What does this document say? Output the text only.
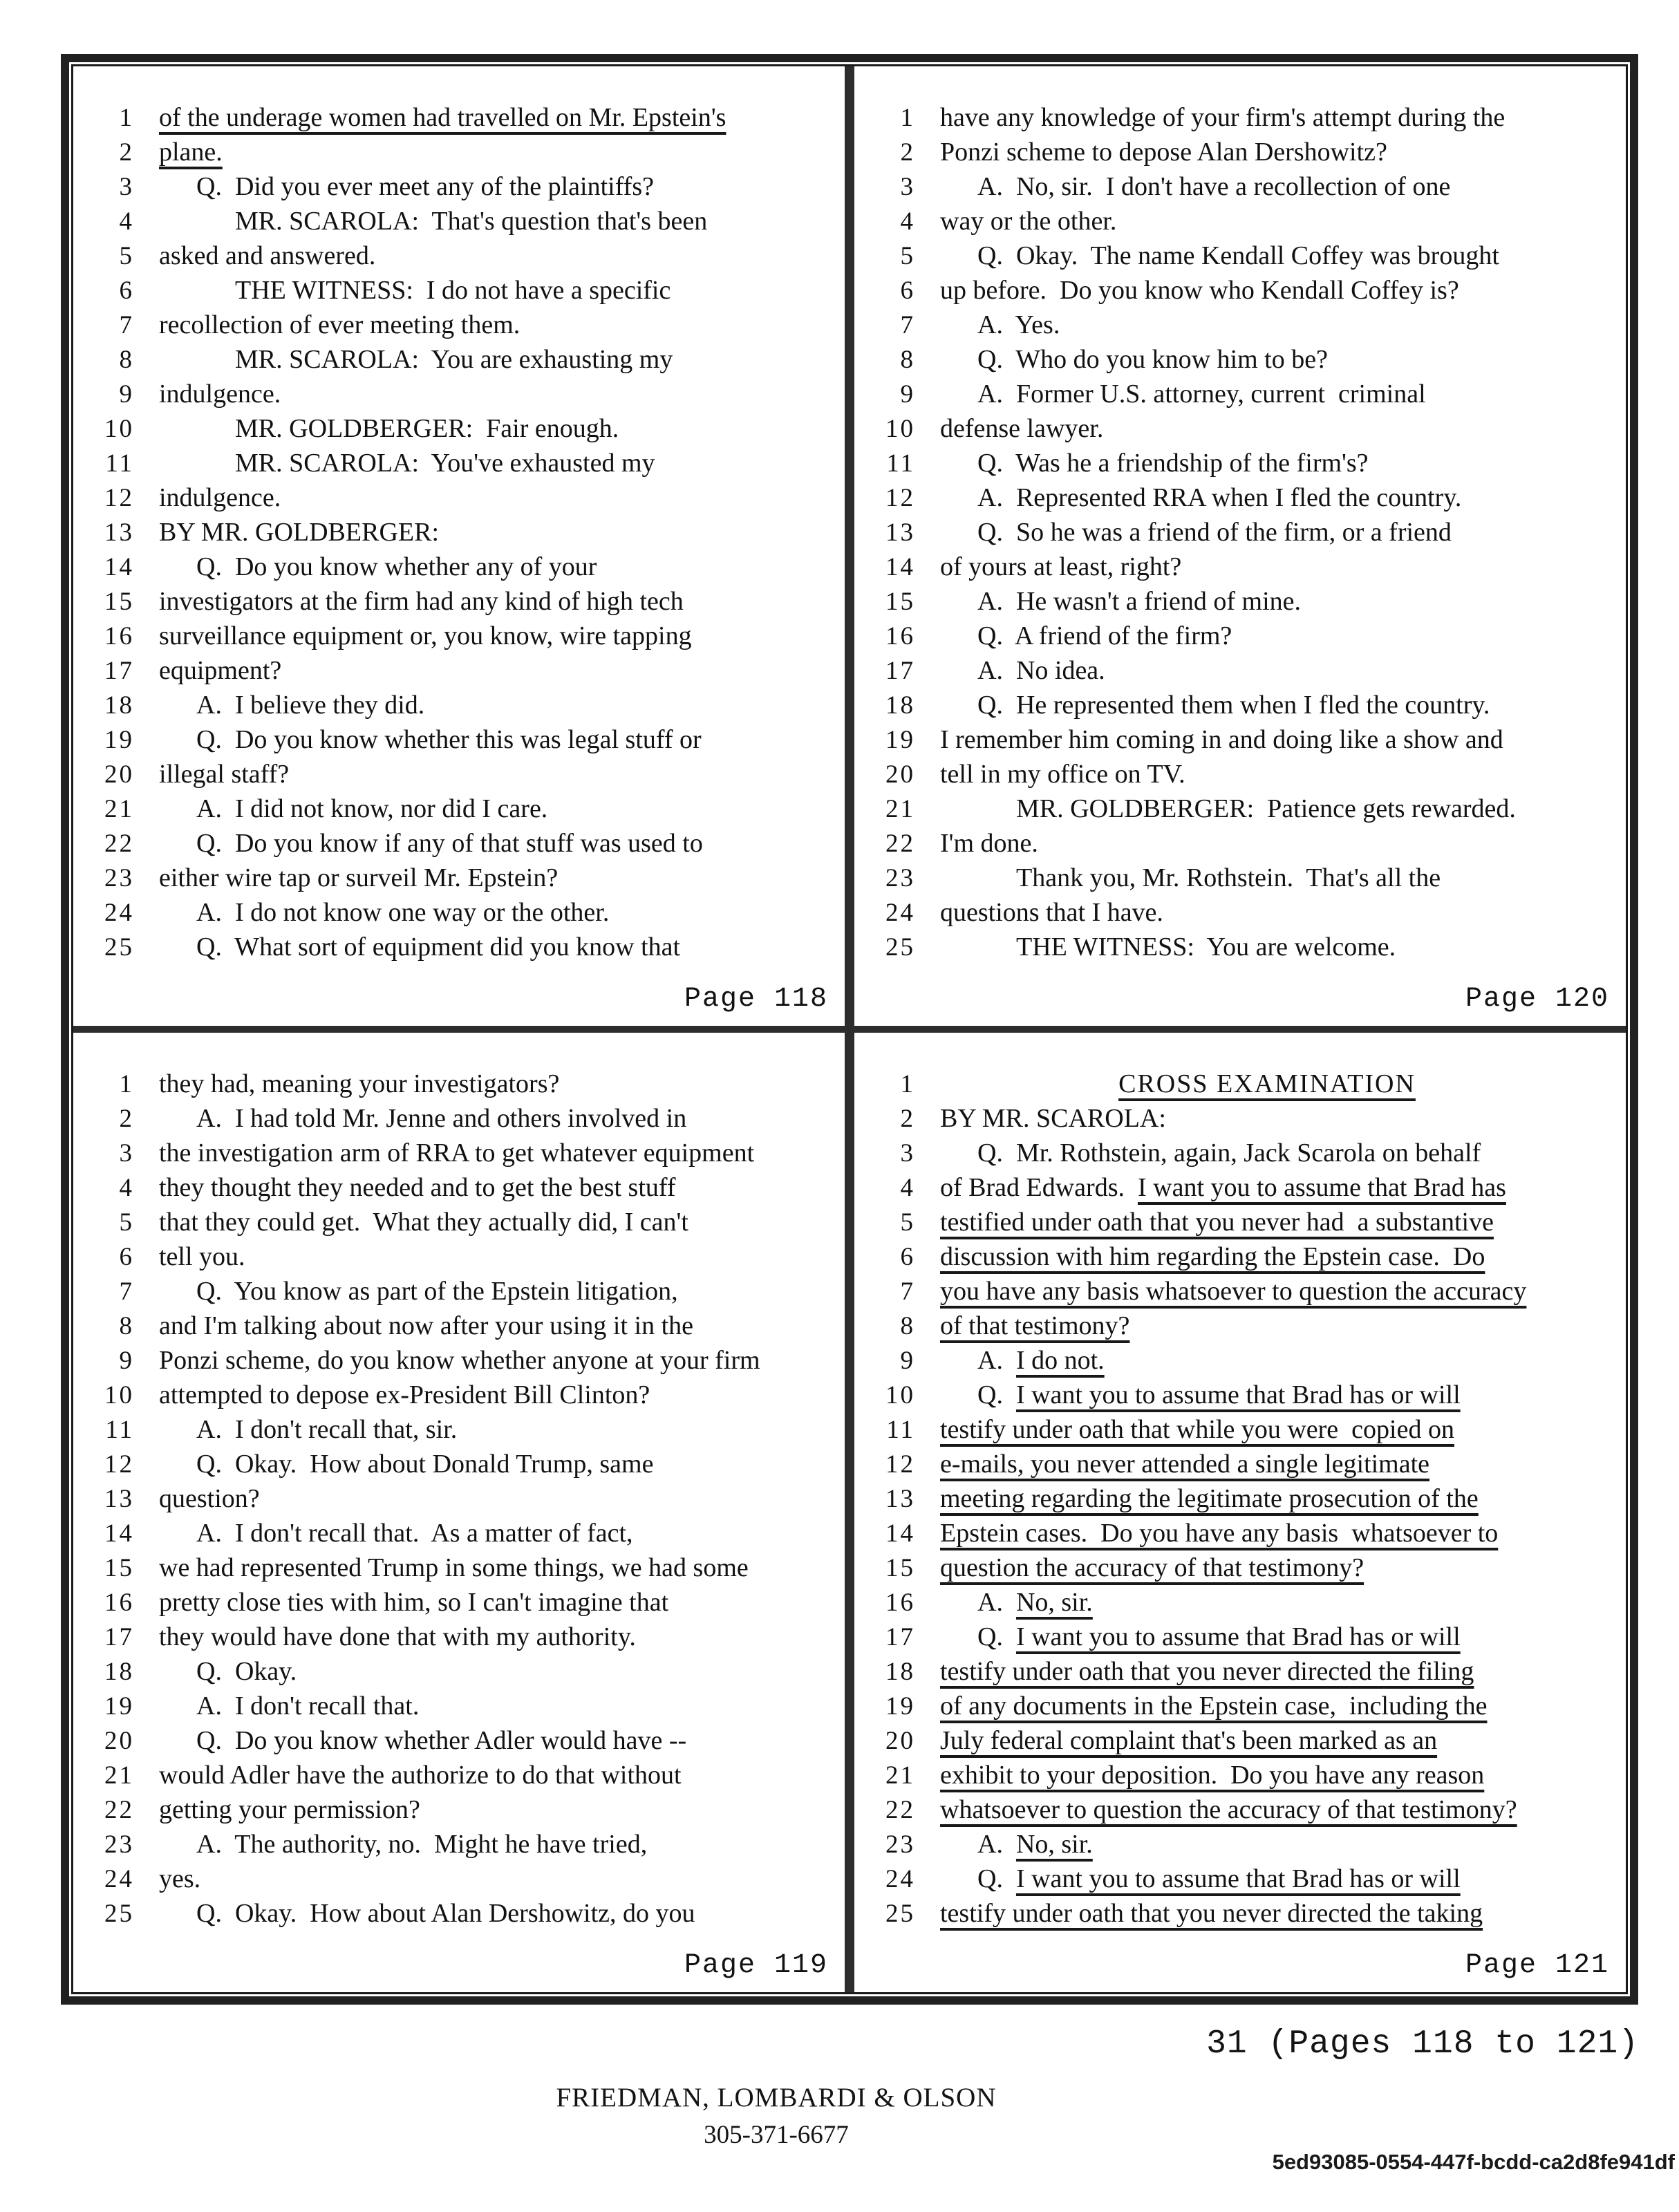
1 of the underage women had travelled on Mr. Epstein's
2 plane.
3 Q.  Did you ever meet any of the plaintiffs?
4	MR. SCAROLA:  That's question that's been
5 asked and answered.
6	THE WITNESS:  I do not have a specific
7 recollection of ever meeting them.
8	MR. SCAROLA:  You are exhausting my
9 indulgence.
10	MR. GOLDBERGER:  Fair enough.
11	MR. SCAROLA:  You've exhausted my
12 indulgence.
13 BY MR. GOLDBERGER:
14 Q.  Do you know whether any of your
15 investigators at the firm had any kind of high tech
16 surveillance equipment or, you know, wire tapping
17 equipment?
18 A.  I believe they did.
19 Q.  Do you know whether this was legal stuff or
20 illegal staff?
21 A.  I did not know, nor did I care.
22 Q.  Do you know if any of that stuff was used to
23 either wire tap or surveil Mr. Epstein?
24 A.  I do not know one way or the other.
25 Q.  What sort of equipment did you know that
Page 118
1 have any knowledge of your firm's attempt during the
2 Ponzi scheme to depose Alan Dershowitz?
3 A.  No, sir.  I don't have a recollection of one
4 way or the other.
5 Q.  Okay.  The name Kendall Coffey was brought
6 up before.  Do you know who Kendall Coffey is?
7 A.  Yes.
8 Q.  Who do you know him to be?
9 A.  Former U.S. attorney, current  criminal
10 defense lawyer.
11 Q.  Was he a friendship of the firm's?
12 A.  Represented RRA when I fled the country.
13 Q.  So he was a friend of the firm, or a friend
14 of yours at least, right?
15 A.  He wasn't a friend of mine.
16 Q.  A friend of the firm?
17 A.  No idea.
18 Q.  He represented them when I fled the country.
19 I remember him coming in and doing like a show and
20 tell in my office on TV.
21	MR. GOLDBERGER:  Patience gets rewarded.
22 I'm done.
23	Thank you, Mr. Rothstein.  That's all the
24 questions that I have.
25	THE WITNESS:  You are welcome.
Page 120
1 they had, meaning your investigators?
2 A.  I had told Mr. Jenne and others involved in
3 the investigation arm of RRA to get whatever equipment
4 they thought they needed and to get the best stuff
5 that they could get.  What they actually did, I can't
6 tell you.
7 Q.  You know as part of the Epstein litigation,
8 and I'm talking about now after your using it in the
9 Ponzi scheme, do you know whether anyone at your firm
10 attempted to depose ex-President Bill Clinton?
11 A.  I don't recall that, sir.
12 Q.  Okay.  How about Donald Trump, same
13 question?
14 A.  I don't recall that.  As a matter of fact,
15 we had represented Trump in some things, we had some
16 pretty close ties with him, so I can't imagine that
17 they would have done that with my authority.
18 Q.  Okay.
19 A.  I don't recall that.
20 Q.  Do you know whether Adler would have --
21 would Adler have the authorize to do that without
22 getting your permission?
23 A.  The authority, no.  Might he have tried,
24 yes.
25 Q.  Okay.  How about Alan Dershowitz, do you
Page 119
1	CROSS EXAMINATION
2 BY MR. SCAROLA:
3 Q.  Mr. Rothstein, again, Jack Scarola on behalf
4 of Brad Edwards.  I want you to assume that Brad has
5 testified under oath that you never had  a substantive
6 discussion with him regarding the Epstein case.  Do
7 you have any basis whatsoever to question the accuracy
8 of that testimony?
9 A.  I do not.
10 Q.  I want you to assume that Brad has or will
11 testify under oath that while you were  copied on
12 e-mails, you never attended a single legitimate
13 meeting regarding the legitimate prosecution of the
14 Epstein cases.  Do you have any basis  whatsoever to
15 question the accuracy of that testimony?
16 A.  No, sir.
17 Q.  I want you to assume that Brad has or will
18 testify under oath that you never directed the filing
19 of any documents in the Epstein case,  including the
20 July federal complaint that's been marked as an
21 exhibit to your deposition.  Do you have any reason
22 whatsoever to question the accuracy of that testimony?
23 A.  No, sir.
24 Q.  I want you to assume that Brad has or will
25 testify under oath that you never directed the taking
Page 121
31 (Pages 118 to 121)
FRIEDMAN, LOMBARDI & OLSON
305-371-6677
5ed93085-0554-447f-bcdd-ca2d8fe941df
